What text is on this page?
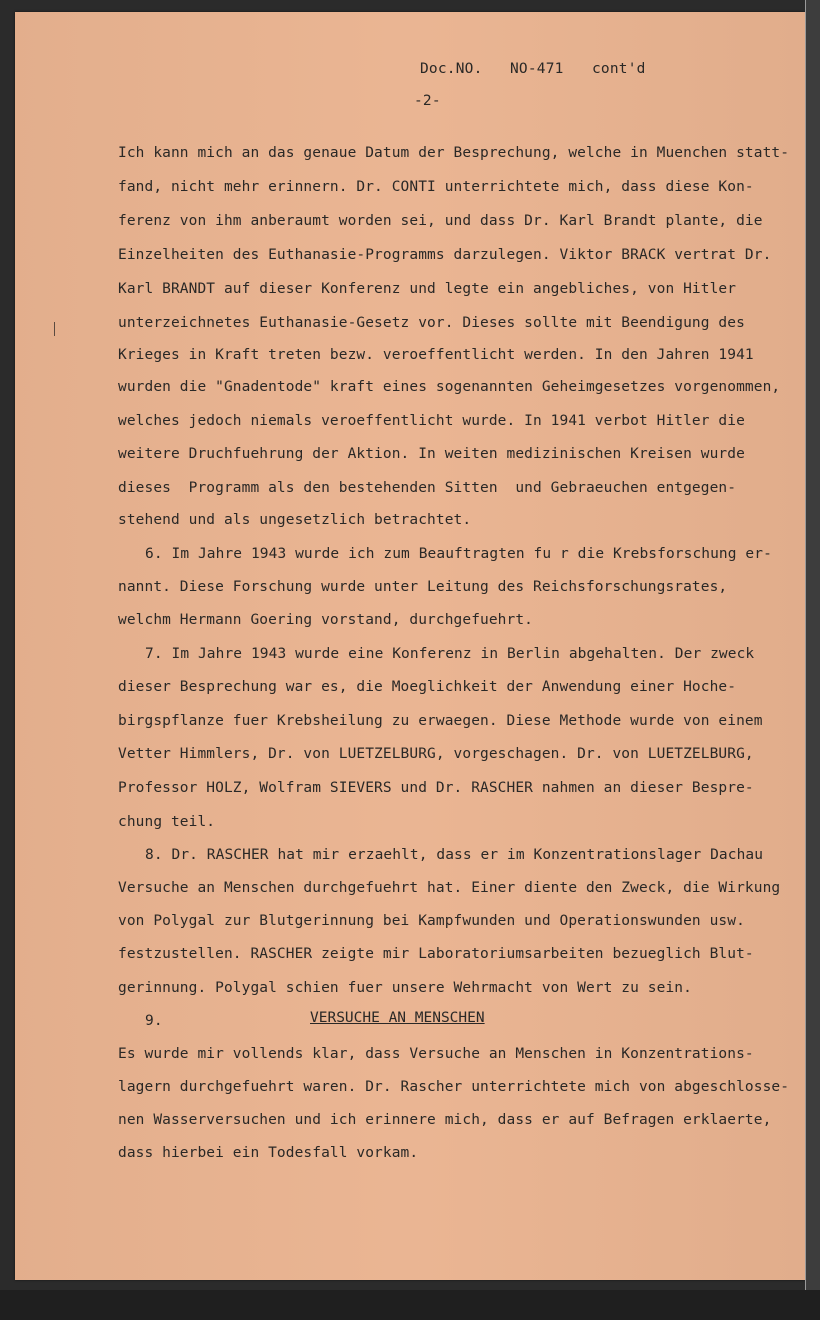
Doc.NO. NO-471 cont'd
-2-
Ich kann mich an das genaue Datum der Besprechung, welche in Muenchen statt-
fand, nicht mehr erinnern. Dr. CONTI unterrichtete mich, dass diese Kon-
ferenz von ihm anberaumt worden sei, und dass Dr. Karl Brandt plante, die
Einzelheiten des Euthanasie-Programms darzulegen. Viktor BRACK vertrat Dr.
Karl BRANDT auf dieser Konferenz und legte ein angebliches, von Hitler
unterzeichnetes Euthanasie-Gesetz vor. Dieses sollte mit Beendigung des
Krieges in Kraft treten bezw. veroeffentlicht werden. In den Jahren 1941
wurden die "Gnadentode" kraft eines sogenannten Geheimgesetzes vorgenommen,
welches jedoch niemals veroeffentlicht wurde. In 1941 verbot Hitler die
weitere Druchfuehrung der Aktion. In weiten medizinischen Kreisen wurde
dieses  Programm als den bestehenden Sitten  und Gebraeuchen entgegen-
stehend und als ungesetzlich betrachtet.
6. Im Jahre 1943 wurde ich zum Beauftragten fu r die Krebsforschung er-
nannt. Diese Forschung wurde unter Leitung des Reichsforschungsrates,
welchm Hermann Goering vorstand, durchgefuehrt.
7. Im Jahre 1943 wurde eine Konferenz in Berlin abgehalten. Der zweck
dieser Besprechung war es, die Moeglichkeit der Anwendung einer Hoche-
birgspflanze fuer Krebsheilung zu erwaegen. Diese Methode wurde von einem
Vetter Himmlers, Dr. von LUETZELBURG, vorgeschagen. Dr. von LUETZELBURG,
Professor HOLZ, Wolfram SIEVERS und Dr. RASCHER nahmen an dieser Bespre-
chung teil.
8. Dr. RASCHER hat mir erzaehlt, dass er im Konzentrationslager Dachau
Versuche an Menschen durchgefuehrt hat. Einer diente den Zweck, die Wirkung
von Polygal zur Blutgerinnung bei Kampfwunden und Operationswunden usw.
festzustellen. RASCHER zeigte mir Laboratoriumsarbeiten bezueglich Blut-
gerinnung. Polygal schien fuer unsere Wehrmacht von Wert zu sein.
9.	VERSUCHE AN MENSCHEN
Es wurde mir vollends klar, dass Versuche an Menschen in Konzentrations-
lagern durchgefuehrt waren. Dr. Rascher unterrichtete mich von abgeschlosse-
nen Wasserversuchen und ich erinnere mich, dass er auf Befragen erklaerte,
dass hierbei ein Todesfall vorkam.
